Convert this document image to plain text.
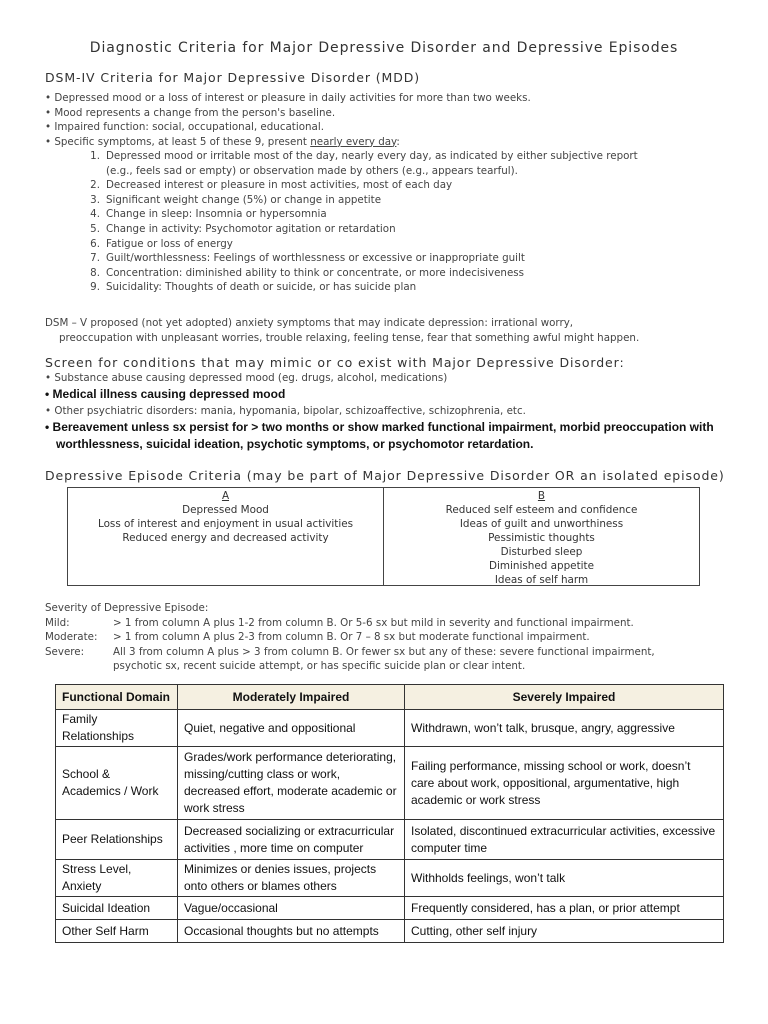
Diagnostic Criteria for Major Depressive Disorder and Depressive Episodes
DSM-IV Criteria for Major Depressive Disorder (MDD)
• Depressed mood or a loss of interest or pleasure in daily activities for more than two weeks.
• Mood represents a change from the person's baseline.
• Impaired function: social, occupational, educational.
• Specific symptoms, at least 5 of these 9, present nearly every day:
1. Depressed mood or irritable most of the day, nearly every day, as indicated by either subjective report
(e.g., feels sad or empty) or observation made by others (e.g., appears tearful).
2. Decreased interest or pleasure in most activities, most of each day
3. Significant weight change (5%) or change in appetite
4. Change in sleep: Insomnia or hypersomnia
5. Change in activity: Psychomotor agitation or retardation
6. Fatigue or loss of energy
7. Guilt/worthlessness: Feelings of worthlessness or excessive or inappropriate guilt
8. Concentration: diminished ability to think or concentrate, or more indecisiveness
9. Suicidality: Thoughts of death or suicide, or has suicide plan
DSM – V proposed (not yet adopted) anxiety symptoms that may indicate depression: irrational worry,
preoccupation with unpleasant worries, trouble relaxing, feeling tense, fear that something awful might happen.
Screen for conditions that may mimic or co exist with Major Depressive Disorder:
• Substance abuse causing depressed mood (eg. drugs, alcohol, medications)
• Medical illness causing depressed mood
• Other psychiatric disorders: mania, hypomania, bipolar, schizoaffective, schizophrenia, etc.
• Bereavement unless sx persist for > two months or show marked functional impairment, morbid preoccupation with
worthlessness, suicidal ideation, psychotic symptoms, or psychomotor retardation.
Depressive Episode Criteria (may be part of Major Depressive Disorder OR an isolated episode)
A
Depressed Mood
Loss of interest and enjoyment in usual activities
Reduced energy and decreased activity
B
Reduced self esteem and confidence
Ideas of guilt and unworthiness
Pessimistic thoughts
Disturbed sleep
Diminished appetite
Ideas of self harm
Severity of Depressive Episode:
Mild:	> 1 from column A plus 1-2 from column B. Or 5-6 sx but mild in severity and functional impairment.
Moderate:	> 1 from column A plus 2-3 from column B. Or 7 – 8 sx but moderate functional impairment.
Severe:	All 3 from column A plus > 3 from column B. Or fewer sx but any of these: severe functional impairment,
psychotic sx, recent suicide attempt, or has specific suicide plan or clear intent.
Functional Domain	Moderately Impaired	Severely Impaired
Family Relationships	Quiet, negative and oppositional	Withdrawn, won’t talk, brusque, angry, aggressive
School & Academics / Work	Grades/work performance deteriorating, missing/cutting class or work, decreased effort, moderate academic or work stress	Failing performance, missing school or work, doesn’t care about work, oppositional, argumentative, high academic or work stress
Peer Relationships	Decreased socializing or extracurricular activities , more time on computer	Isolated, discontinued extracurricular activities, excessive computer time
Stress Level, Anxiety	Minimizes or denies issues, projects onto others or blames others	Withholds feelings, won’t talk
Suicidal Ideation	Vague/occasional	Frequently considered, has a plan, or prior attempt
Other Self Harm	Occasional thoughts but no attempts	Cutting, other self injury
